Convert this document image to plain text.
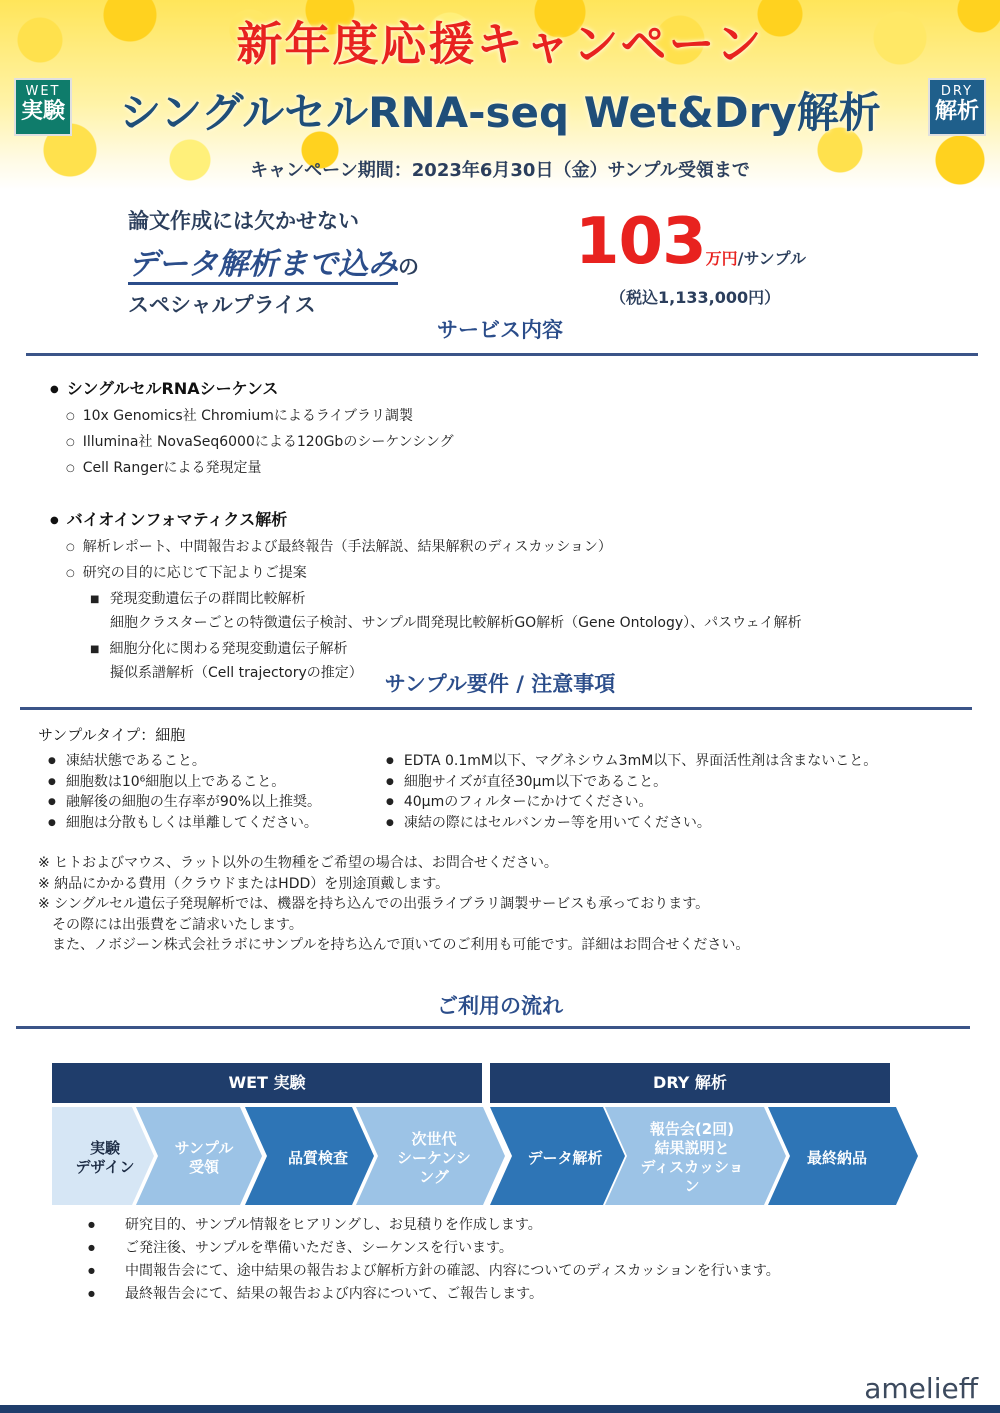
新年度応援キャンペーン
WET
実験	シングルセルRNA-seq Wet&Dry解析	DRY
解析
キャンペーン期間：2023年6月30日（金）サンプル受領まで
論文作成には欠かせない
データ解析まで込みの
スペシャルプライス
103万円/サンプル
（税込1,133,000円）
サービス内容
● シングルセルRNAシーケンス
○ 10x Genomics社 Chromiumによるライブラリ調製
○ Illumina社 NovaSeq6000による120Gbのシーケンシング
○ Cell Rangerによる発現定量
● バイオインフォマティクス解析
○ 解析レポート、中間報告および最終報告（手法解説、結果解釈のディスカッション）
○ 研究の目的に応じて下記よりご提案
■ 発現変動遺伝子の群間比較解析
細胞クラスターごとの特徴遺伝子検討、サンプル間発現比較解析GO解析（Gene Ontology）、パスウェイ解析
■ 細胞分化に関わる発現変動遺伝子解析
擬似系譜解析（Cell trajectoryの推定）	サンプル要件 / 注意事項
サンプルタイプ：細胞
● 凍結状態であること。
● 細胞数は10⁶細胞以上であること。
● 融解後の細胞の生存率が90%以上推奨。
● 細胞は分散もしくは単離してください。
● EDTA 0.1mM以下、マグネシウム3mM以下、界面活性剤は含まないこと。
● 細胞サイズが直径30μm以下であること。
● 40μmのフィルターにかけてください。
● 凍結の際にはセルバンカー等を用いてください。
※ ヒトおよびマウス、ラット以外の生物種をご希望の場合は、お問合せください。
※ 納品にかかる費用（クラウドまたはHDD）を別途頂戴します。
※ シングルセル遺伝子発現解析では、機器を持ち込んでの出張ライブラリ調製サービスも承っております。
その際には出張費をご請求いたします。
また、ノボジーン株式会社ラボにサンプルを持ち込んで頂いてのご利用も可能です。詳細はお問合せください。
ご利用の流れ
WET 実験	DRY 解析
実験
デザイン
サンプル
受領
品質検査
次世代
シーケンシ
ング
データ解析
報告会(2回)
結果説明と
ディスカッショ
ン
最終納品
● 研究目的、サンプル情報をヒアリングし、お見積りを作成します。
● ご発注後、サンプルを準備いただき、シーケンスを行います。
● 中間報告会にて、途中結果の報告および解析方針の確認、内容についてのディスカッションを行います。
● 最終報告会にて、結果の報告および内容について、ご報告します。
amelieff
